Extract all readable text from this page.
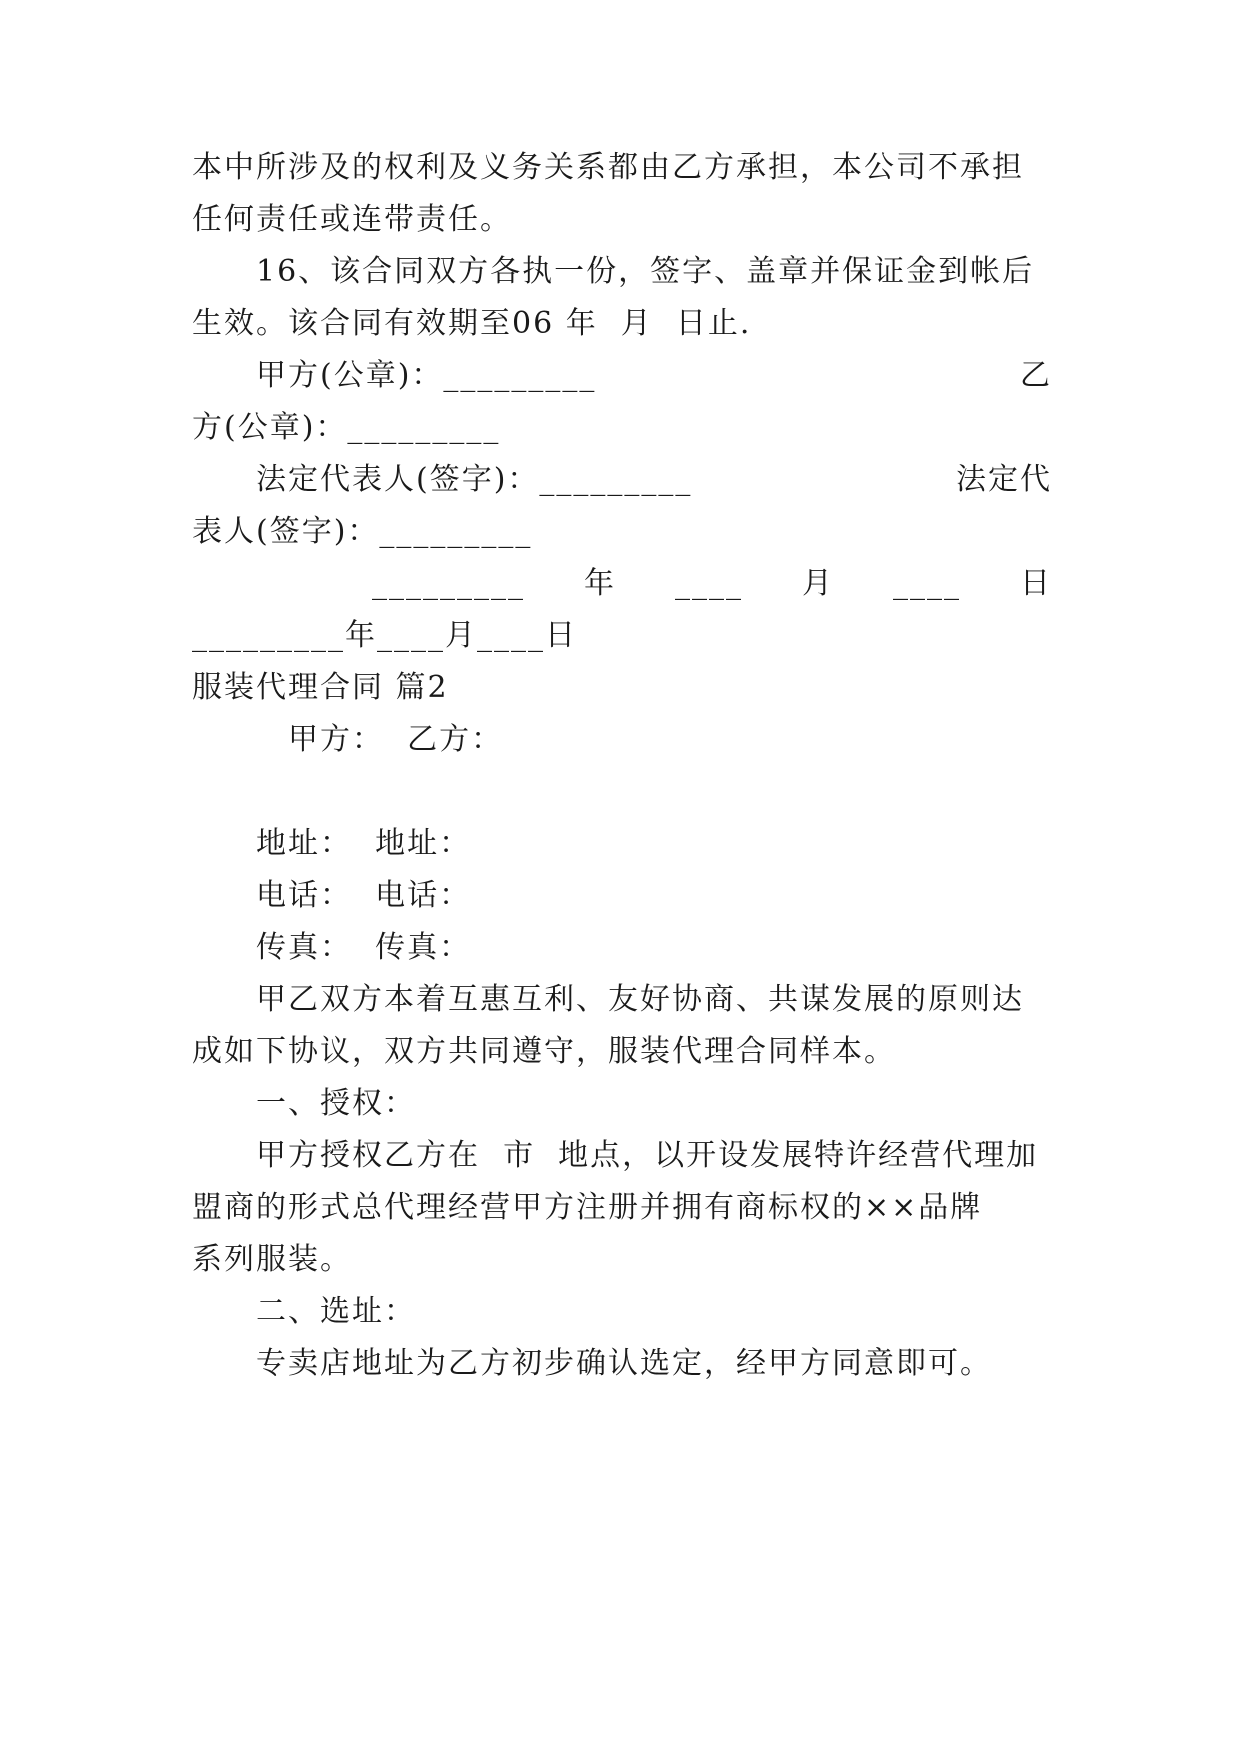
本中所涉及的权利及义务关系都由乙方承担，本公司不承担
任何责任或连带责任。
　　16、该合同双方各执一份，签字、盖章并保证金到帐后
生效。该合同有效期至06 年  月  日止.
　　甲方(公章)：_________	乙
方(公章)：_________
　　法定代表人(签字)：_________	法定代
表人(签字)：_________
_________ 年 ____ 月 ____ 日
_________年____月____日
服装代理合同 篇2
　　　甲方：  乙方：
　　地址：  地址：
　　电话：  电话：
　　传真：  传真：
　　甲乙双方本着互惠互利、友好协商、共谋发展的原则达
成如下协议，双方共同遵守，服装代理合同样本。
　　一、授权：
　　甲方授权乙方在  市  地点，以开设发展特许经营代理加
盟商的形式总代理经营甲方注册并拥有商标权的××品牌
系列服装。
　　二、选址：
　　专卖店地址为乙方初步确认选定，经甲方同意即可。
